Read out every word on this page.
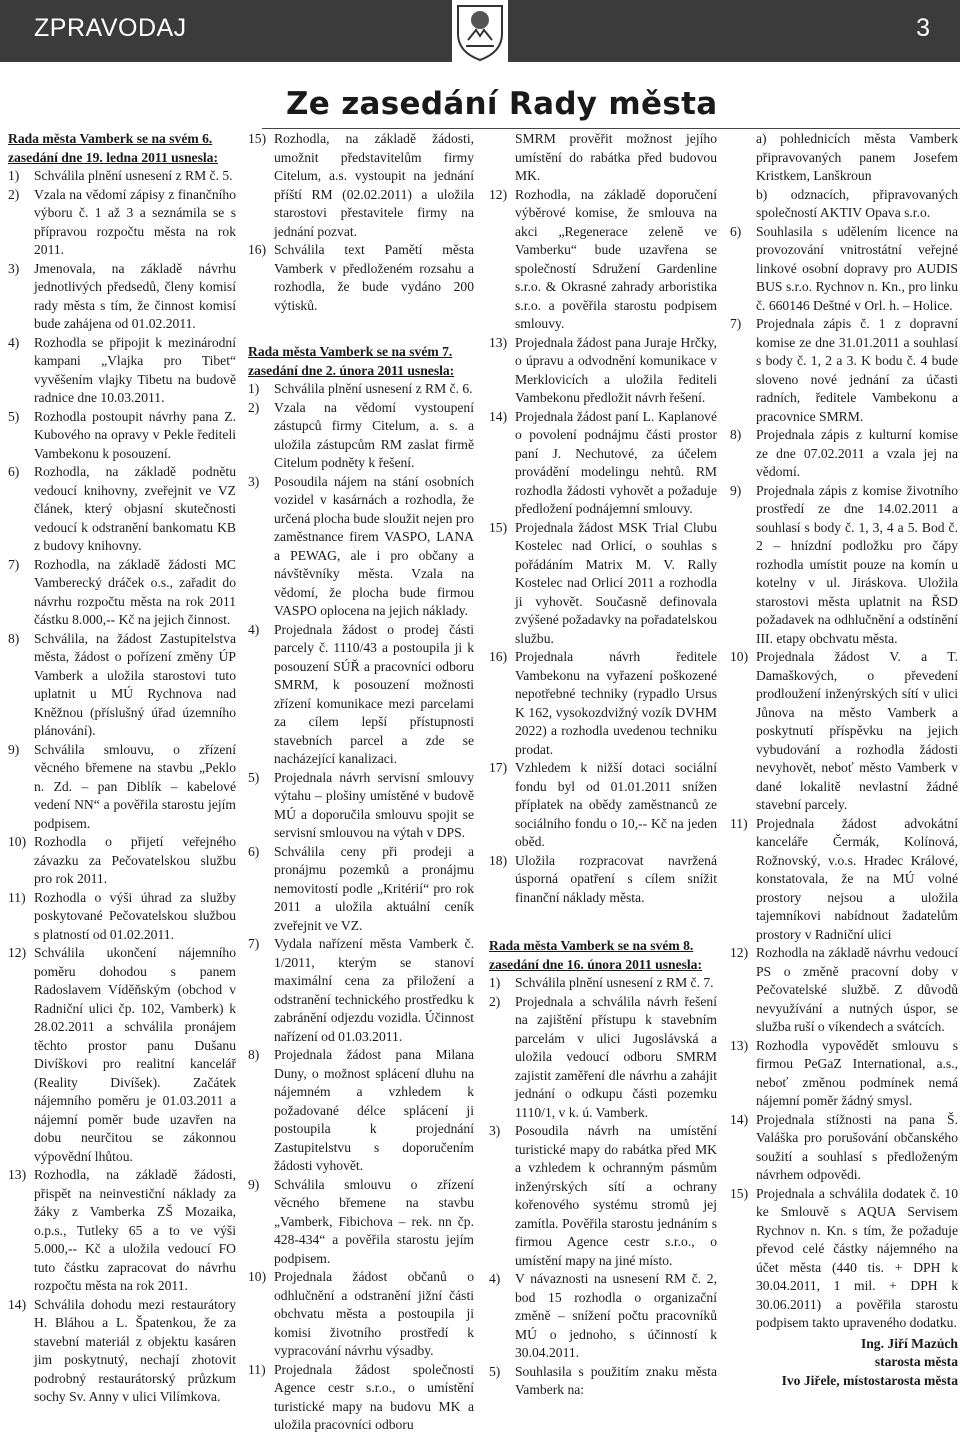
ZPRAVODAJ	3
Ze zasedání Rady města

Rada města Vamberk se na svém 6.

zasedání dne 19. ledna 2011 usnesla:

1) Schválila plnění usnesení z RM č. 5.

2) Vzala na vědomí zápisy z finančního výboru č. 1 až 3 a seznámila se s přípravou rozpočtu města na rok 2011.

3) Jmenovala, na základě návrhu jednotlivých předsedů, členy komisí rady města s tím, že činnost komisí bude zahájena od 01.02.2011.

4) Rozhodla se připojit k mezinárodní kampani „Vlajka pro Tibet“ vyvěšením vlajky Tibetu na budově radnice dne 10.03.2011.

5) Rozhodla postoupit návrhy pana Z. Kubového na opravy v Pekle řediteli Vambekonu k posouzení.

6) Rozhodla, na základě podnětu vedoucí knihovny, zveřejnit ve VZ článek, který objasní skutečnosti vedoucí k odstranění bankomatu KB z budovy knihovny.

7) Rozhodla, na základě žádosti MC Vamberecký dráček o.s., zařadit do návrhu rozpočtu města na rok 2011 částku 8.000,-- Kč na jejich činnost.

8) Schválila, na žádost Zastupitelstva města, žádost o pořízení změny ÚP Vamberk a uložila starostovi tuto uplatnit u MÚ Rychnova nad Kněžnou (příslušný úřad územního plánování).

9) Schválila smlouvu, o zřízení věcného břemene na stavbu „Peklo n. Zd. – pan Diblík – kabelové vedení NN“ a pověřila starostu jejím podpisem.

10) Rozhodla o přijetí veřejného závazku za Pečovatelskou službu pro rok 2011.

11) Rozhodla o výši úhrad za služby poskytované Pečovatelskou službou s platností od 01.02.2011.

12) Schválila ukončení nájemního poměru dohodou s panem Radoslavem Víděňským (obchod v Radniční ulici čp. 102, Vamberk) k 28.02.2011 a schválila pronájem těchto prostor panu Dušanu Divíškovi pro realitní kancelář (Reality Divíšek). Začátek nájemního poměru je 01.03.2011 a nájemní poměr bude uzavřen na dobu neurčitou se zákonnou výpovědní lhůtou.

13) Rozhodla, na základě žádosti, přispět na neinvestiční náklady za žáky z Vamberka ZŠ Mozaika, o.p.s., Tutleky 65 a to ve výši 5.000,-- Kč a uložila vedoucí FO tuto částku zapracovat do návrhu rozpočtu města na rok 2011.

14) Schválila dohodu mezi restaurátory H. Bláhou a L. Špatenkou, že za stavební materiál z objektu kasáren jim poskytnutý, nechají zhotovit podrobný restaurátorský průzkum sochy Sv. Anny v ulici Vilímkova.

15) Rozhodla, na základě žádosti, umožnit představitelům firmy Citelum, a.s. vystoupit na jednání příští RM (02.02.2011) a uložila starostovi přestavitele firmy na jednání pozvat.

16) Schválila text Pamětí města Vamberk v předloženém rozsahu a rozhodla, že bude vydáno 200 výtisků.

Rada města Vamberk se na svém 7.

zasedání dne 2. února 2011 usnesla:

1) Schválila plnění usnesení z RM č. 6.

2) Vzala na vědomí vystoupení zástupců firmy Citelum, a. s. a uložila zástupcům RM zaslat firmě Citelum podněty k řešení.

3) Posoudila nájem na stání osobních vozidel v kasárnách a rozhodla, že určená plocha bude sloužit nejen pro zaměstnance firem VASPO, LANA a PEWAG, ale i pro občany a návštěvníky města. Vzala na vědomí, že plocha bude firmou VASPO oplocena na jejich náklady.

4) Projednala žádost o prodej části parcely č. 1110/43 a postoupila ji k posouzení SÚŘ a pracovníci odboru SMRM, k posouzení možnosti zřízení komunikace mezi parcelami za cílem lepší přístupnosti stavebních parcel a zde se nacházející kanalizaci.

5) Projednala návrh servisní smlouvy výtahu – plošiny umístěné v budově MÚ a doporučila smlouvu spojit se servisní smlouvou na výtah v DPS.

6) Schválila ceny při prodeji a pronájmu pozemků a pronájmu nemovitostí podle „Kritérií“ pro rok 2011 a uložila aktuální ceník zveřejnit ve VZ.

7) Vydala nařízení města Vamberk č. 1/2011, kterým se stanoví maximální cena za přiložení a odstranění technického prostředku k zabránění odjezdu vozidla. Účinnost nařízení od 01.03.2011.

8) Projednala žádost pana Milana Duny, o možnost splácení dluhu na nájemném a vzhledem k požadované délce splácení ji postoupila k projednání Zastupitelstvu s doporučením žádosti vyhovět.

9) Schválila smlouvu o zřízení věcného břemene na stavbu „Vamberk, Fibichova – rek. nn čp. 428-434“ a pověřila starostu jejím podpisem.

10) Projednala žádost občanů o odhlučnění a odstranění jižní části obchvatu města a postoupila ji komisi životního prostředí k vypracování návrhu výsadby.

11) Projednala žádost společnosti Agence cestr s.r.o., o umístění turistické mapy na budovu MK a uložila pracovníci odboru

SMRM prověřit možnost jejího umístění do rabátka před budovou MK.

12) Rozhodla, na základě doporučení výběrové komise, že smlouva na akci „Regenerace zeleně ve Vamberku“ bude uzavřena se společností Sdružení Gardenline s.r.o. & Okrasné zahrady arboristika s.r.o. a pověřila starostu podpisem smlouvy.

13) Projednala žádost pana Juraje Hrčky, o úpravu a odvodnění komunikace v Merklovicích a uložila řediteli Vambekonu předložit návrh řešení.

14) Projednala žádost paní L. Kaplanové o povolení podnájmu části prostor paní J. Nechutové, za účelem provádění modelingu nehtů. RM rozhodla žádosti vyhovět a požaduje předložení podnájemní smlouvy.

15) Projednala žádost MSK Trial Clubu Kostelec nad Orlicí, o souhlas s pořádáním Matrix M. V. Rally Kostelec nad Orlicí 2011 a rozhodla ji vyhovět. Současně definovala zvýšené požadavky na pořadatelskou službu.

16) Projednala návrh ředitele Vambekonu na vyřazení poškozené nepotřebné techniky (rypadlo Ursus K 162, vysokozdvižný vozík DVHM 2022) a rozhodla uvedenou techniku prodat.

17) Vzhledem k nižší dotaci sociální fondu byl od 01.01.2011 snížen příplatek na obědy zaměstnanců ze sociálního fondu o 10,-- Kč na jeden oběd.

18) Uložila rozpracovat navržená úsporná opatření s cílem snížit finanční náklady města.

Rada města Vamberk se na svém 8.

zasedání dne 16. února 2011 usnesla:

1) Schválila plnění usnesení z RM č. 7.

2) Projednala a schválila návrh řešení na zajištění přístupu k stavebním parcelám v ulici Jugoslávská a uložila vedoucí odboru SMRM zajistit zaměření dle návrhu a zahájit jednání o odkupu části pozemku 1110/1, v k. ú. Vamberk.

3) Posoudila návrh na umístění turistické mapy do rabátka před MK a vzhledem k ochranným pásmům inženýrských sítí a ochrany kořenového systému stromů jej zamítla. Pověřila starostu jednáním s firmou Agence cestr s.r.o., o umístění mapy na jiné místo.

4) V návaznosti na usnesení RM č. 2, bod 15 rozhodla o organizační změně – snížení počtu pracovníků MÚ o jednoho, s účinností k 30.04.2011.

5) Souhlasila s použitím znaku města Vamberk na:

a) pohlednicích města Vamberk připravovaných panem Josefem Kristkem, Lanškroun

b) odznacích, připravovaných společností AKTIV Opava s.r.o.

6) Souhlasila s udělením licence na provozování vnitrostátní veřejné linkové osobní dopravy pro AUDIS BUS s.r.o. Rychnov n. Kn., pro linku č. 660146 Deštné v Orl. h. – Holice.

7) Projednala zápis č. 1 z dopravní komise ze dne 31.01.2011 a souhlasí s body č. 1, 2 a 3. K bodu č. 4 bude sloveno nové jednání za účasti radních, ředitele Vambekonu a pracovnice SMRM.

8) Projednala zápis z kulturní komise ze dne 07.02.2011 a vzala jej na vědomí.

9) Projednala zápis z komise životního prostředí ze dne 14.02.2011 a souhlasí s body č. 1, 3, 4 a 5. Bod č. 2 – hnízdní podložku pro čápy rozhodla umístit pouze na komín u kotelny v ul. Jiráskova. Uložila starostovi města uplatnit na ŘSD požadavek na odhlučnění a odstínění III. etapy obchvatu města.

10) Projednala žádost V. a T. Damaškových, o převedení prodloužení inženýrských sítí v ulici Jůnova na město Vamberk a poskytnutí příspěvku na jejich vybudování a rozhodla žádosti nevyhovět, neboť město Vamberk v dané lokalitě nevlastní žádné stavební parcely.

11) Projednala žádost advokátní kanceláře Čermák, Kolínová, Rožnovský, v.o.s. Hradec Králové, konstatovala, že na MÚ volné prostory nejsou a uložila tajemníkovi nabídnout žadatelům prostory v Radniční ulici

12) Rozhodla na základě návrhu vedoucí PS o změně pracovní doby v Pečovatelské službě. Z důvodů nevyužívání a nutných úspor, se služba ruší o víkendech a svátcích.

13) Rozhodla vypovědět smlouvu s firmou PeGaZ International, a.s., neboť změnou podmínek nemá nájemní poměr žádný smysl.

14) Projednala stížnosti na pana Š. Valáška pro porušování občanského soužití a souhlasí s předloženým návrhem odpovědi.

15) Projednala a schválila dodatek č. 10 ke Smlouvě s AQUA Servisem Rychnov n. Kn. s tím, že požaduje převod celé částky nájemného na účet města (440 tis. + DPH k 30.04.2011, 1 mil. + DPH k 30.06.2011) a pověřila starostu podpisem takto upraveného dodatku.

Ing. Jiří Mazúch

starosta města

Ivo Jiřele, místostarosta města
